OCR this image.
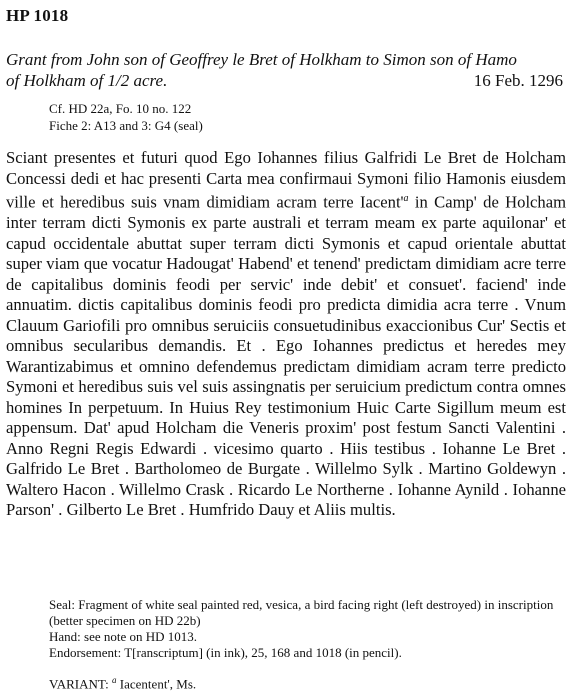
HP 1018
Grant from John son of Geoffrey le Bret of Holkham to Simon son of Hamo
of Holkham of 1/2 acre.	16 Feb. 1296
Cf. HD 22a, Fo. 10 no. 122
Fiche 2: A13 and 3: G4 (seal)

Sciant presentes et futuri quod Ego Iohannes filius Galfridi Le Bret de Holcham Concessi dedi et hac presenti Carta mea confirmaui Symoni filio Hamonis eiusdem ville et heredibus suis vnam dimidiam acram terre $Iacent'^a$ in Camp' de Holcham inter terram dicti Symonis ex parte australi et terram meam ex parte aquilonar' et capud occidentale abuttat super terram dicti Symonis et capud orientale abuttat super viam que vocatur Hadougat' Habend' et tenend' predictam dimidiam acre terre de capitalibus dominis feodi per servic' inde debit' et consuet'. faciend' inde annuatim. dictis capitalibus dominis feodi pro predicta dimidia acra terre . Vnum Clauum Gariofili pro omnibus seruiciis consuetudinibus exaccionibus Cur' Sectis et omnibus secularibus demandis. Et . Ego Iohannes predictus et heredes mey Warantizabimus et omnino defendemus predictam dimidiam acram terre predicto Symoni et heredibus suis vel suis assingnatis per seruicium predictum contra omnes homines In perpetuum. In Huius Rey testimonium Huic Carte Sigillum meum est appensum. Dat' apud Holcham die Veneris proxim' post festum Sancti Valentini . Anno Regni Regis Edwardi . vicesimo quarto . Hiis testibus . Iohanne Le Bret . Galfrido Le Bret . Bartholomeo de Burgate . Willelmo Sylk . Martino Goldewyn . Waltero Hacon . Willelmo Crask . Ricardo Le Northerne . Iohanne Aynild . Iohanne Parson' . Gilberto Le Bret . Humfrido Dauy et Aliis multis.

Seal: Fragment of white seal painted red, vesica, a bird facing right (left destroyed) in inscription (better specimen on HD 22b)

Hand: see note on HD 1013.

Endorsement: T[ranscriptum] (in ink), 25, 168 and 1018 (in pencil).

VARIANT: $^a$ Iacentent', Ms.
